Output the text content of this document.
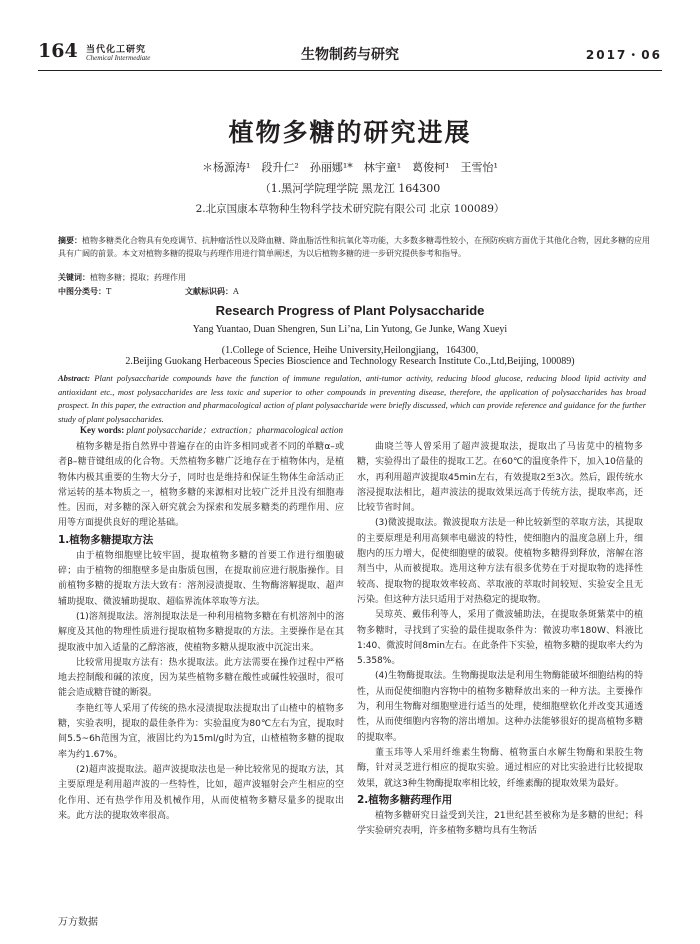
164 当代化工研究
Chemical Intermediate	生物制药与研究	2017・06
植物多糖的研究进展
＊杨源涛¹　段升仁²　孙丽娜¹*　林宇童¹　葛俊柯¹　王雪怡¹
（1.黑河学院理学院 黑龙江 164300
2.北京国康本草物种生物科学技术研究院有限公司 北京 100089）
摘要：植物多糖类化合物具有免疫调节、抗肿瘤活性以及降血糖、降血脂活性和抗氧化等功能，大多数多糖毒性较小，在预防疾病方面优于其他化合物，因此多糖的应用具有广阔的前景。本文对植物多糖的提取与药理作用进行简单阐述，为以后植物多糖的进一步研究提供参考和指导。
关键词：植物多糖；提取；药理作用
中图分类号：T	文献标识码：A
Research Progress of Plant Polysaccharide
Yang Yuantao, Duan Shengren, Sun Li’na, Lin Yutong, Ge Junke, Wang Xueyi
(1.College of Science, Heihe University,Heilongjiang，164300,
2.Beijing Guokang Herbaceous Species Bioscience and Technology Research Institute Co.,Ltd,Beijing, 100089)
Abstract: Plant polysaccharide compounds have the function of immune regulation, anti-tumor activity, reducing blood glucose, reducing blood lipid activity and antioxidant etc., most polysaccharides are less toxic and superior to other compounds in preventing disease, therefore, the application of polysaccharides has broad prospect. In this paper, the extraction and pharmacological action of plant polysaccharide were briefly discussed, which can provide reference and guidance for the further study of plant polysaccharides.
Key words: plant polysaccharide；extraction；pharmacological action

植物多糖是指自然界中普遍存在的由许多相同或者不同的单糖α–或者β–糖苷键组成的化合物。天然植物多糖广泛地存在于植物体内，是植物体内极其重要的生物大分子，同时也是维持和保证生物体生命活动正常运转的基本物质之一，植物多糖的来源相对比较广泛并且没有细胞毒性。因而，对多糖的深入研究就会为探索和发展多糖类的药理作用、应用等方面提供良好的理论基础。

1.植物多糖提取方法

由于植物细胞壁比较牢固，提取植物多糖的首要工作进行细胞破碎；由于植物的细胞壁多是由脂质包围，在提取前应进行脱脂操作。目前植物多糖的提取方法大致有：溶剂浸渍提取、生物酶溶解提取、超声辅助提取、微波辅助提取、超临界流体萃取等方法。

(1)溶剂提取法。溶剂提取法是一种利用植物多糖在有机溶剂中的溶解度及其他的物理性质进行提取植物多糖提取的方法。主要操作是在其提取液中加入适量的乙醇溶液，使植物多糖从提取液中沉淀出来。

比较常用提取方法有：热水提取法。此方法需要在操作过程中严格地去控制酸和碱的浓度，因为某些植物多糖在酸性或碱性较强时，很可能会造成糖苷键的断裂。

李艳红等人采用了传统的热水浸渍提取法提取出了山楂中的植物多糖，实验表明，提取的最佳条件为：实验温度为80℃左右为宜，提取时间5.5~6h范围为宜，液固比约为15ml/g时为宜，山楂植物多糖的提取率为约1.67%。

(2)超声波提取法。超声波提取法也是一种比较常见的提取方法，其主要原理是利用超声波的一些特性，比如，超声波辐射会产生相应的空化作用、还有热学作用及机械作用，从而使植物多糖尽量多的提取出来。此方法的提取效率很高。

曲晓兰等人曾采用了超声波提取法，提取出了马齿苋中的植物多糖，实验得出了最佳的提取工艺。在60℃的温度条件下，加入10倍量的水，再利用超声波提取45min左右，有效提取2至3次。然后，跟传统水溶浸提取法相比，超声波法的提取效果远高于传统方法，提取率高，还比较节省时间。

(3)微波提取法。微波提取方法是一种比较新型的萃取方法，其提取的主要原理是利用高频率电磁波的特性，使细胞内的温度急剧上升，细胞内的压力增大，促使细胞壁的破裂。使植物多糖得到释放，溶解在溶剂当中，从而被提取。选用这种方法有很多优势在于对提取物的选择性较高、提取物的提取效率较高、萃取液的萃取时间较短、实验安全且无污染。但这种方法只适用于对热稳定的提取物。

吴琼英、戴伟利等人，采用了微波辅助法，在提取条斑紫菜中的植物多糖时，寻找到了实验的最佳提取条件为：微波功率180W、料液比1:40、微波时间8min左右。在此条件下实验，植物多糖的提取率大约为5.358%。

(4)生物酶提取法。生物酶提取法是利用生物酶能破坏细胞结构的特性，从而促使细胞内容物中的植物多糖释放出来的一种方法。主要操作为，利用生物酶对细胞壁进行适当的处理，使细胞壁软化并改变其通透性，从而使细胞内容物的溶出增加。这种办法能够很好的提高植物多糖的提取率。

董玉玮等人采用纤维素生物酶、植物蛋白水解生物酶和果胶生物酶，针对灵芝进行相应的提取实验。通过相应的对比实验进行比较提取效果，就这3种生物酶提取率相比较，纤维素酶的提取效果为最好。

2.植物多糖药理作用

植物多糖研究日益受到关注，21世纪甚至被称为是多糖的世纪；科学实验研究表明，许多植物多糖均具有生物活

万方数据
